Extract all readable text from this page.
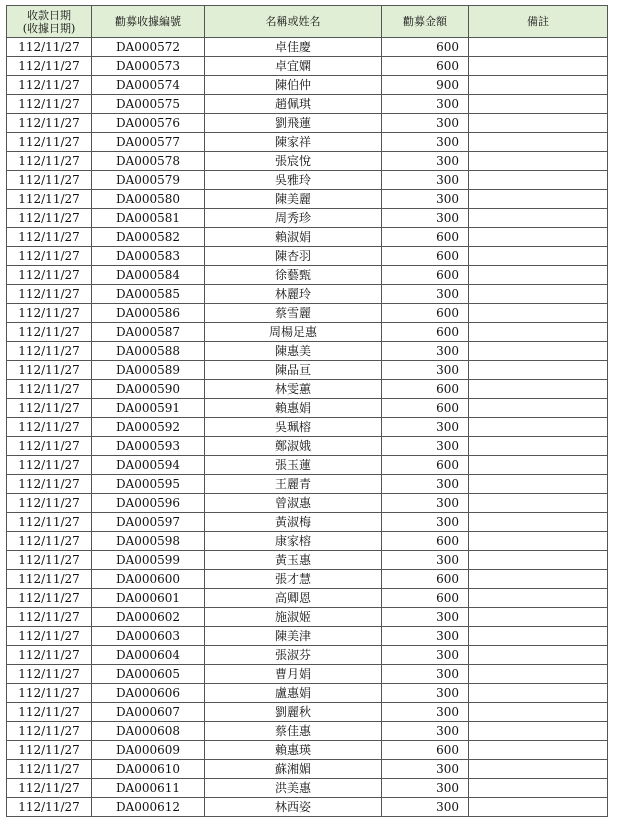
收款日期
(收據日期)	勸募收據編號	名稱或姓名	勸募金額	備註
112/11/27	DA000572	卓佳慶	600	
112/11/27	DA000573	卓宜嫻	600	
112/11/27	DA000574	陳伯仲	900	
112/11/27	DA000575	趙佩琪	300	
112/11/27	DA000576	劉飛蓮	300	
112/11/27	DA000577	陳家祥	300	
112/11/27	DA000578	張宸悅	300	
112/11/27	DA000579	吳雅玲	300	
112/11/27	DA000580	陳美麗	300	
112/11/27	DA000581	周秀珍	300	
112/11/27	DA000582	賴淑娟	600	
112/11/27	DA000583	陳杏羽	600	
112/11/27	DA000584	徐藝甄	600	
112/11/27	DA000585	林麗玲	300	
112/11/27	DA000586	蔡雪麗	600	
112/11/27	DA000587	周楊足惠	600	
112/11/27	DA000588	陳惠美	300	
112/11/27	DA000589	陳品亘	300	
112/11/27	DA000590	林雯蕙	600	
112/11/27	DA000591	賴惠娟	600	
112/11/27	DA000592	吳珮榕	300	
112/11/27	DA000593	鄭淑娥	300	
112/11/27	DA000594	張玉蓮	600	
112/11/27	DA000595	王麗青	300	
112/11/27	DA000596	曾淑惠	300	
112/11/27	DA000597	黃淑梅	300	
112/11/27	DA000598	康家榕	600	
112/11/27	DA000599	黃玉惠	300	
112/11/27	DA000600	張才慧	600	
112/11/27	DA000601	高卿恩	600	
112/11/27	DA000602	施淑姬	300	
112/11/27	DA000603	陳美津	300	
112/11/27	DA000604	張淑芬	300	
112/11/27	DA000605	曹月娟	300	
112/11/27	DA000606	盧惠娟	300	
112/11/27	DA000607	劉麗秋	300	
112/11/27	DA000608	蔡佳惠	300	
112/11/27	DA000609	賴惠瑛	600	
112/11/27	DA000610	蘇湘媚	300	
112/11/27	DA000611	洪美惠	300	
112/11/27	DA000612	林西姿	300	
